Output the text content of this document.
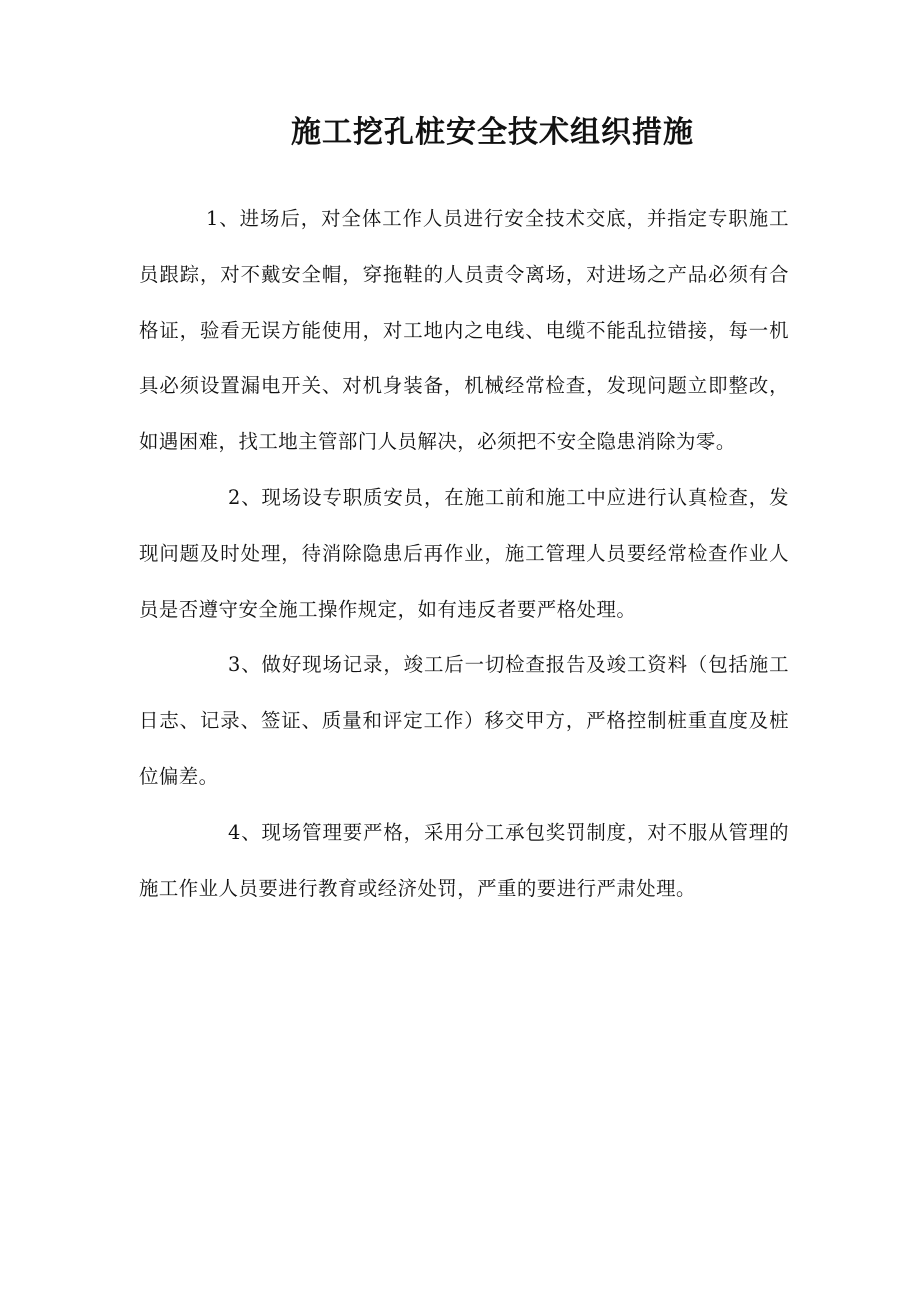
施工挖孔桩安全技术组织措施

1、进场后，对全体工作人员进行安全技术交底，并指定专职施工员跟踪，对不戴安全帽，穿拖鞋的人员责令离场，对进场之产品必须有合格证，验看无误方能使用，对工地内之电线、电缆不能乱拉错接，每一机具必须设置漏电开关、对机身装备，机械经常检查，发现问题立即整改，如遇困难，找工地主管部门人员解决，必须把不安全隐患消除为零。

2、现场设专职质安员，在施工前和施工中应进行认真检查，发现问题及时处理，待消除隐患后再作业，施工管理人员要经常检查作业人员是否遵守安全施工操作规定，如有违反者要严格处理。

3、做好现场记录，竣工后一切检查报告及竣工资料（包括施工日志、记录、签证、质量和评定工作）移交甲方，严格控制桩重直度及桩位偏差。

4、现场管理要严格，采用分工承包奖罚制度，对不服从管理的施工作业人员要进行教育或经济处罚，严重的要进行严肃处理。
